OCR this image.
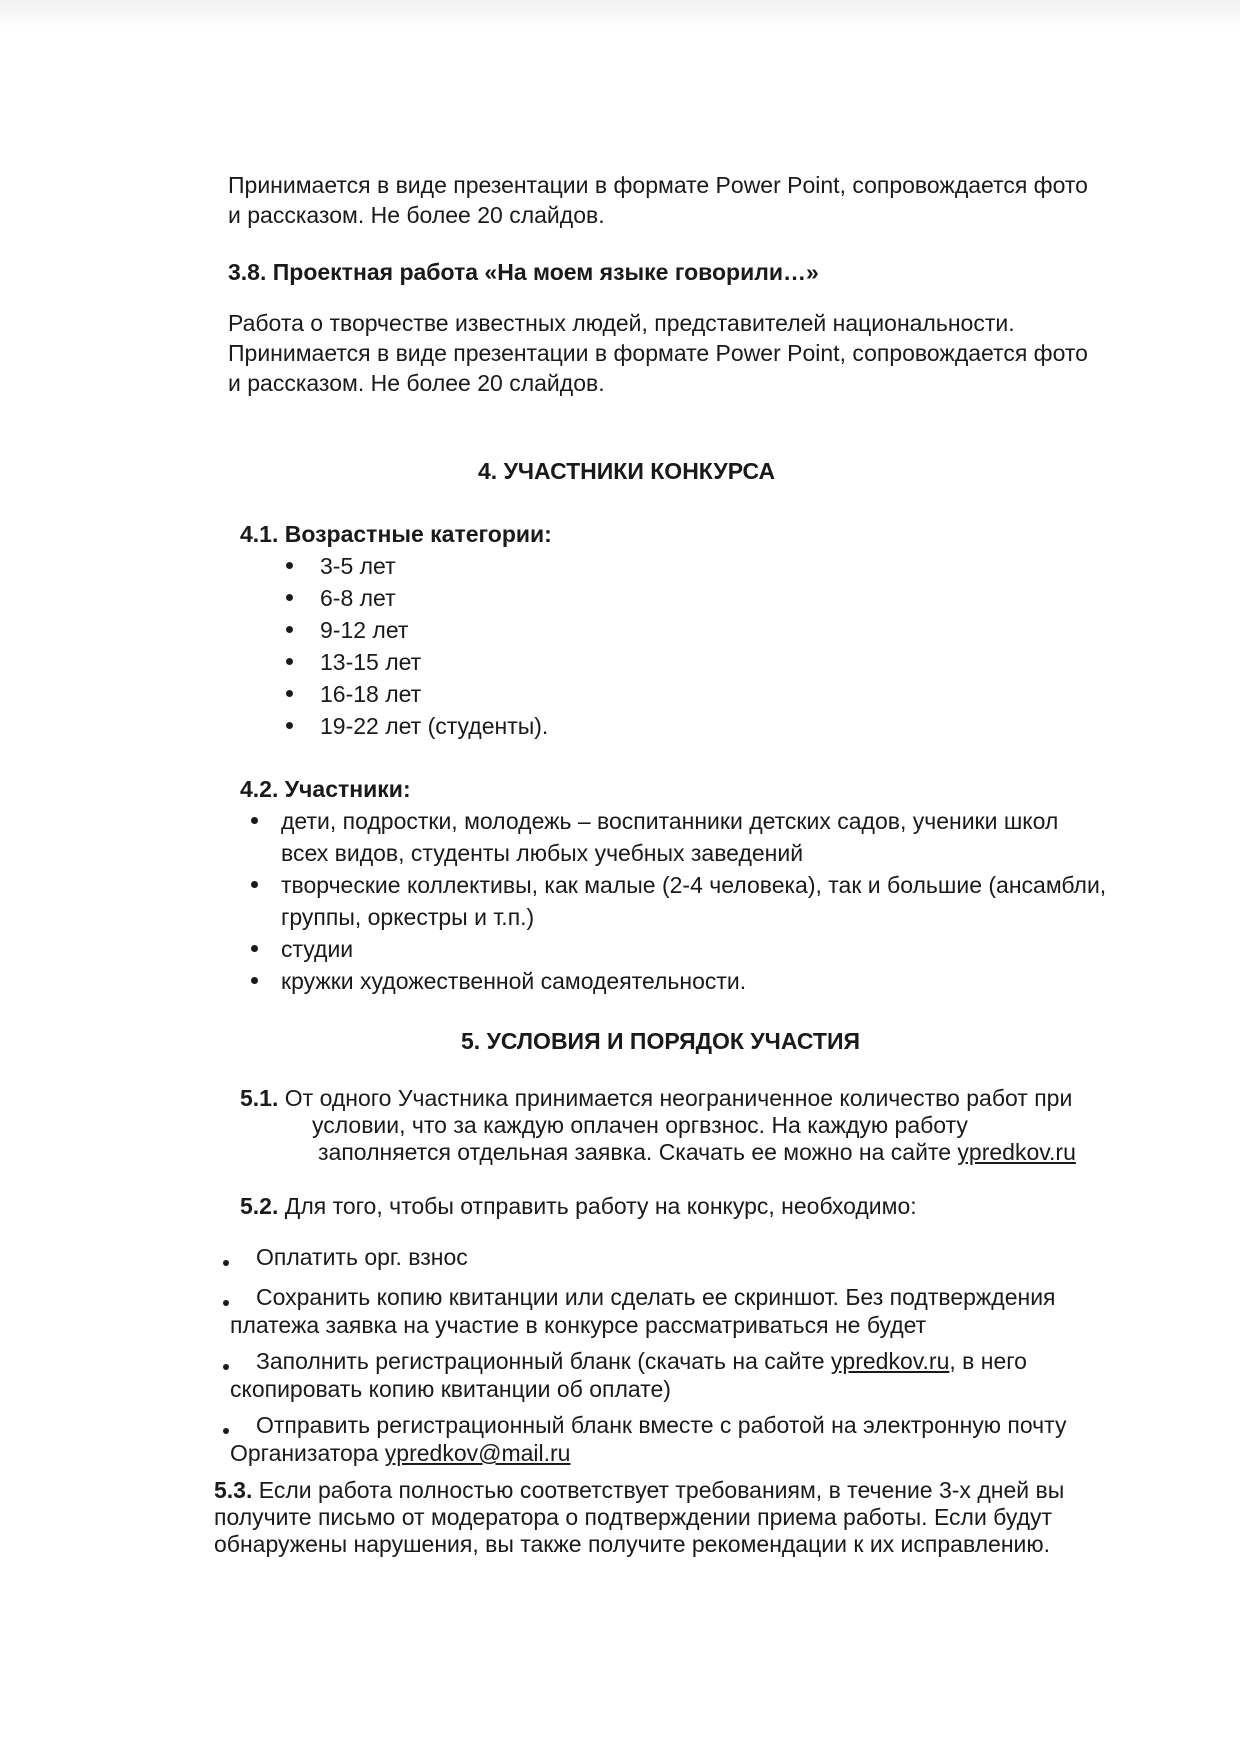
Принимается в виде презентации в формате Power Point, сопровождается фото
и рассказом. Не более 20 слайдов.
3.8. Проектная работа «На моем языке говорили…»
Работа о творчестве известных людей, представителей национальности.
Принимается в виде презентации в формате Power Point, сопровождается фото
и рассказом. Не более 20 слайдов.
4. УЧАСТНИКИ КОНКУРСА
4.1. Возрастные категории:
3-5 лет
6-8 лет
9-12 лет
13-15 лет
16-18 лет
19-22 лет (студенты).
4.2. Участники:
дети, подростки, молодежь – воспитанники детских садов, ученики школ
всех видов, студенты любых учебных заведений
творческие коллективы, как малые (2-4 человека), так и большие (ансамбли,
группы, оркестры и т.п.)
студии
кружки художественной самодеятельности.
5. УСЛОВИЯ И ПОРЯДОК УЧАСТИЯ
5.1. От одного Участника принимается неограниченное количество работ при
условии, что за каждую оплачен оргвзнос. На каждую работу
заполняется отдельная заявка. Скачать ее можно на сайте ypredkov.ru
5.2. Для того, чтобы отправить работу на конкурс, необходимо:
Оплатить орг. взнос
Сохранить копию квитанции или сделать ее скриншот. Без подтверждения
платежа заявка на участие в конкурсе рассматриваться не будет
Заполнить регистрационный бланк (скачать на сайте ypredkov.ru, в него
скопировать копию квитанции об оплате)
Отправить регистрационный бланк вместе с работой на электронную почту
Организатора ypredkov@mail.ru
5.3. Если работа полностью соответствует требованиям, в течение 3-х дней вы
получите письмо от модератора о подтверждении приема работы. Если будут
обнаружены нарушения, вы также получите рекомендации к их исправлению.
